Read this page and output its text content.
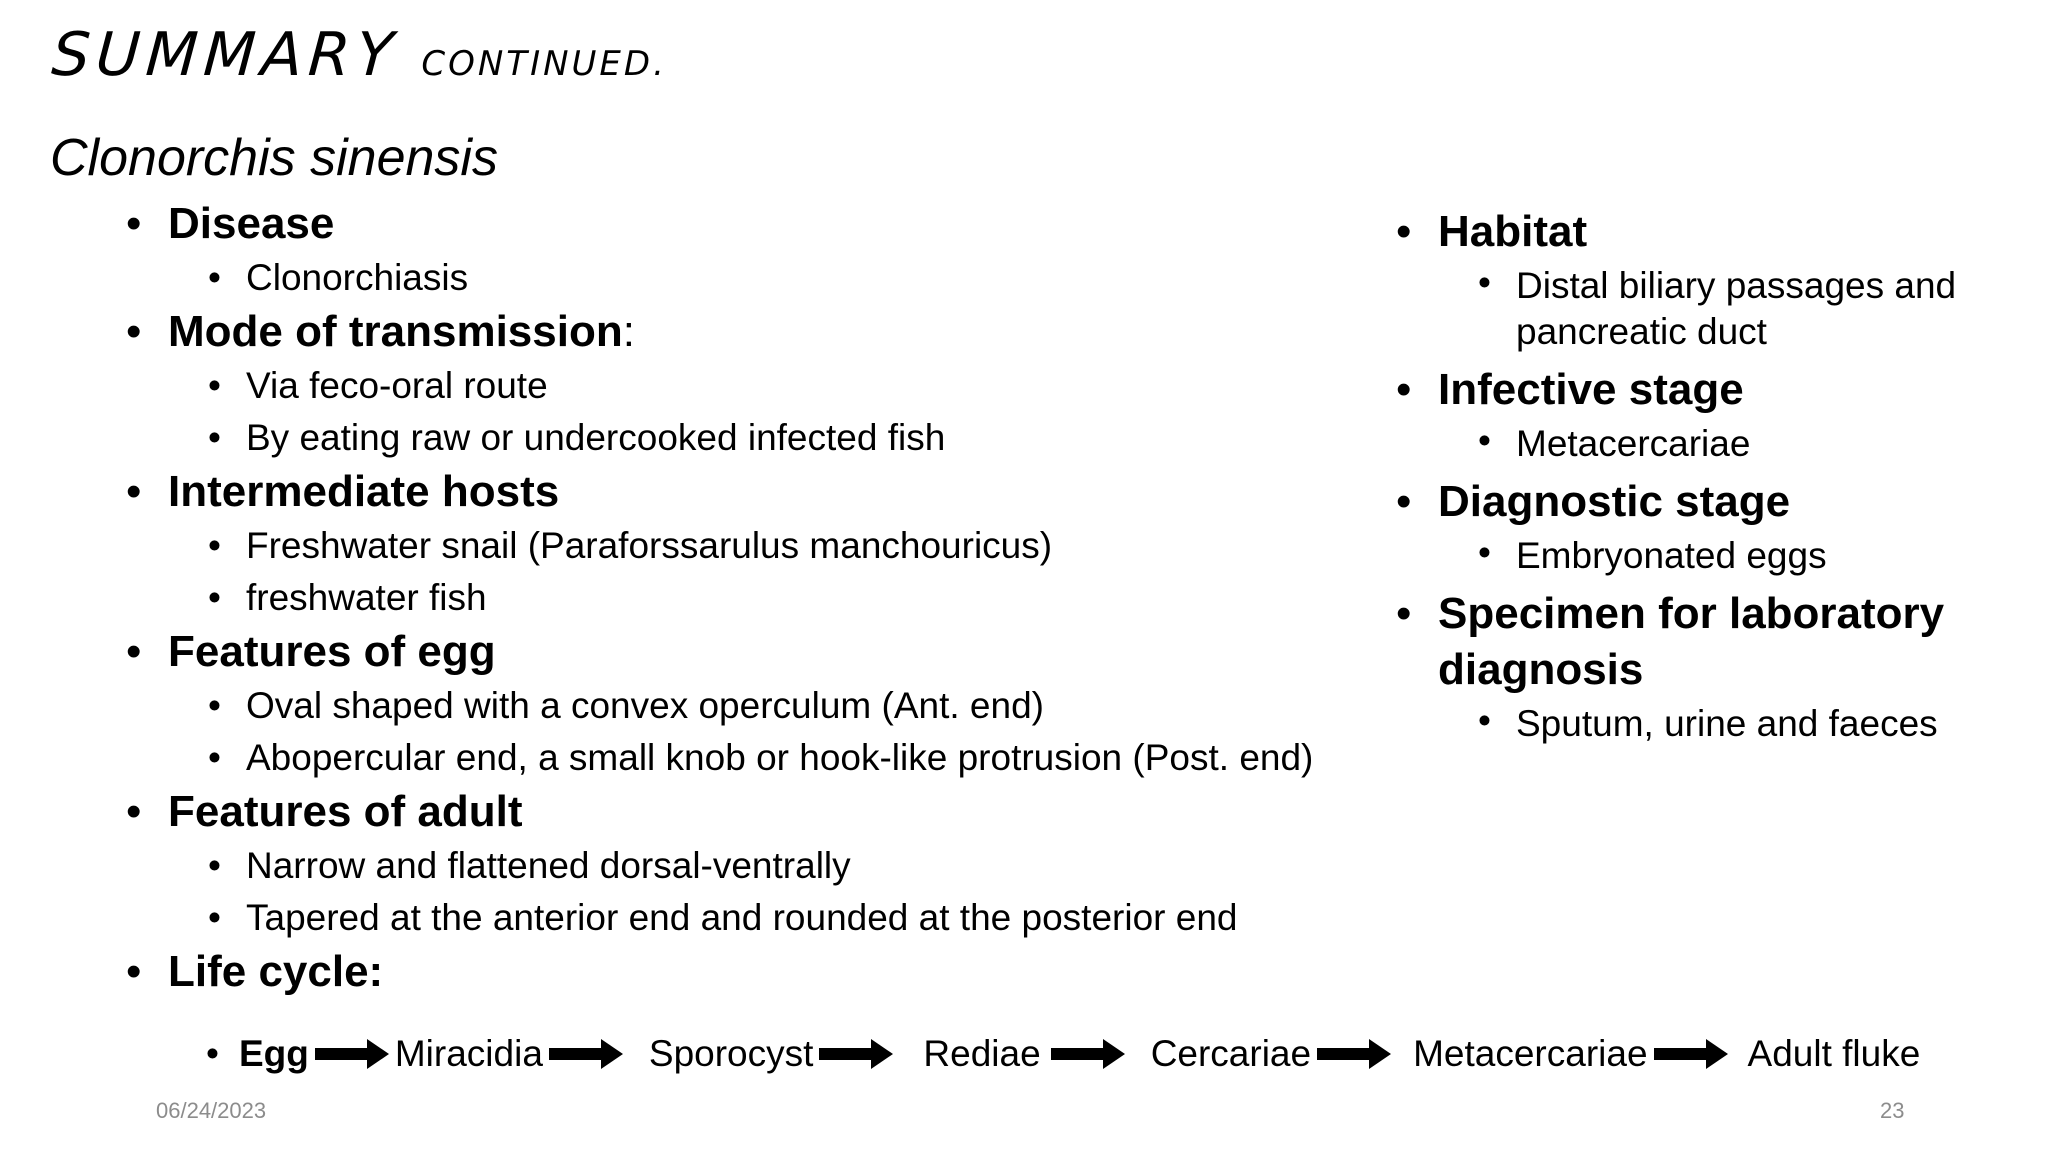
SUMMARY CONTINUED.
Clonorchis sinensis
• Disease
• Clonorchiasis
• Mode of transmission:
• Via feco-oral route
• By eating raw or undercooked infected fish
• Intermediate hosts
• Freshwater snail (Paraforssarulus manchouricus)
• freshwater fish
• Features of egg
• Oval shaped with a convex operculum (Ant. end)
• Abopercular end, a small knob or hook-like protrusion (Post. end)
• Features of adult
• Narrow and flattened dorsal-ventrally
• Tapered at the anterior end and rounded at the posterior end
• Life cycle:
• Egg Miracidia	Sporocyst	Rediae	Cercariae	Metacercariae	Adult fluke
• Habitat
• Distal biliary passages and pancreatic duct
• Infective stage
• Metacercariae
• Diagnostic stage
• Embryonated eggs
• Specimen for laboratory diagnosis
• Sputum, urine and faeces
06/24/2023	23
